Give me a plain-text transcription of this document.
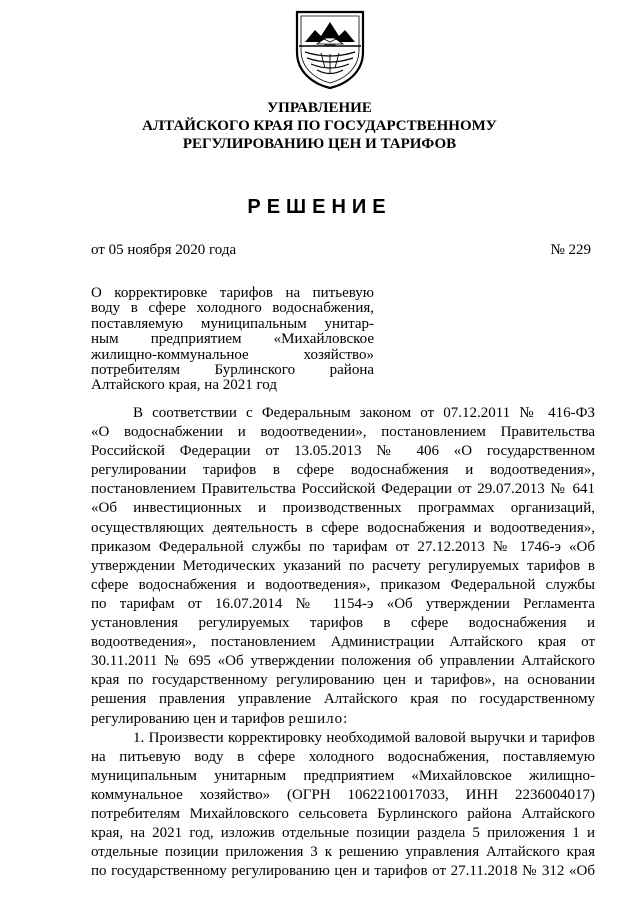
УПРАВЛЕНИЕ
АЛТАЙСКОГО КРАЯ ПО ГОСУДАРСТВЕННОМУ
РЕГУЛИРОВАНИЮ ЦЕН И ТАРИФОВ
РЕШЕНИЕ
от 05 ноября 2020 года	№ 229
О корректировке тарифов на питьевую
воду в сфере холодного водоснабжения,
поставляемую муниципальным унитар-
ным предприятием «Михайловское
жилищно-коммунальное хозяйство»
потребителям Бурлинского района
Алтайского края, на 2021 год
В соответствии с Федеральным законом от 07.12.2011 № 416-ФЗ
«О водоснабжении и водоотведении», постановлением Правительства
Российской Федерации от 13.05.2013 № 406 «О государственном
регулировании тарифов в сфере водоснабжения и водоотведения»,
постановлением Правительства Российской Федерации от 29.07.2013 № 641
«Об инвестиционных и производственных программах организаций,
осуществляющих деятельность в сфере водоснабжения и водоотведения»,
приказом Федеральной службы по тарифам от 27.12.2013 № 1746-э «Об
утверждении Методических указаний по расчету регулируемых тарифов в
сфере водоснабжения и водоотведения», приказом Федеральной службы
по тарифам от 16.07.2014 № 1154-э «Об утверждении Регламента
установления регулируемых тарифов в сфере водоснабжения и
водоотведения», постановлением Администрации Алтайского края от
30.11.2011 № 695 «Об утверждении положения об управлении Алтайского
края по государственному регулированию цен и тарифов», на основании
решения правления управление Алтайского края по государственному
регулированию цен и тарифов решило:
1. Произвести корректировку необходимой валовой выручки и тарифов
на питьевую воду в сфере холодного водоснабжения, поставляемую
муниципальным унитарным предприятием «Михайловское жилищно-
коммунальное хозяйство» (ОГРН 1062210017033, ИНН 2236004017)
потребителям Михайловского сельсовета Бурлинского района Алтайского
края, на 2021 год, изложив отдельные позиции раздела 5 приложения 1 и
отдельные позиции приложения 3 к решению управления Алтайского края
по государственному регулированию цен и тарифов от 27.11.2018 № 312 «Об
